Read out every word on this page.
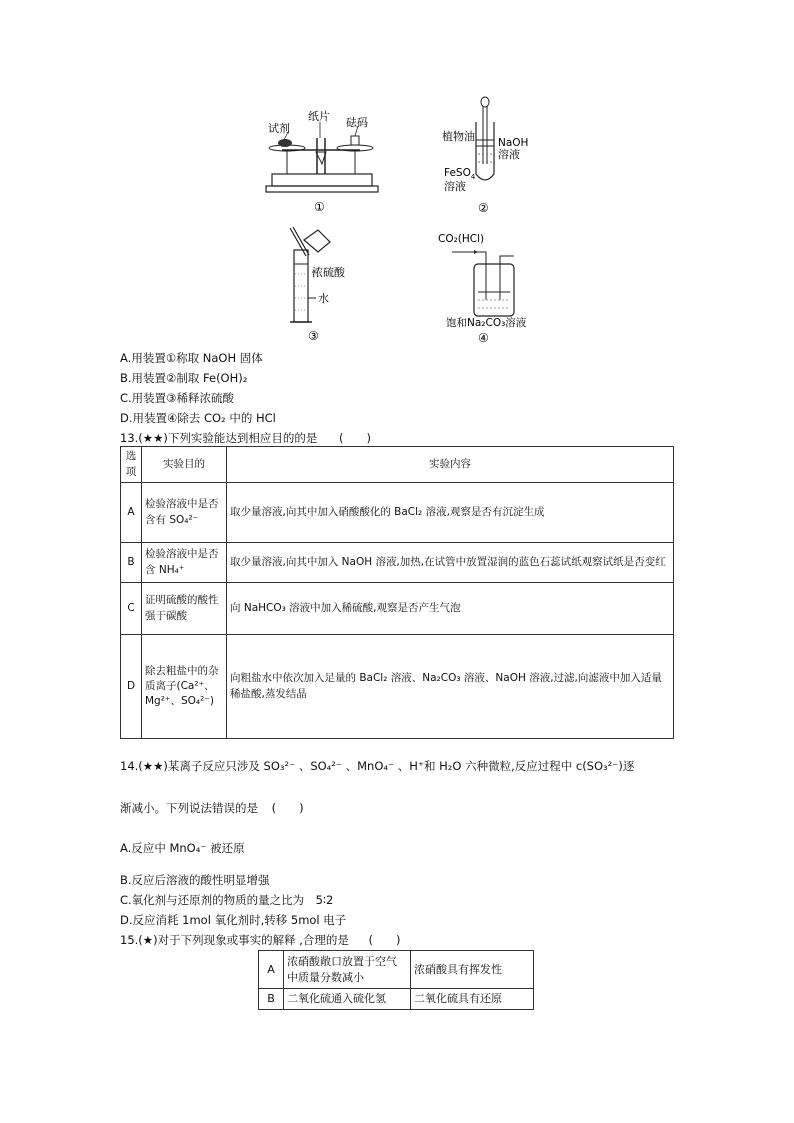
试剂
纸片 砝码
①
植物油 NaOH
溶液
FeSO$_4$
溶液
②
浓硫酸
水
③
CO₂(HCl)
饱和Na₂CO₃溶液
④
A.用装置①称取 NaOH 固体
B.用装置②制取 Fe(OH)₂
C.用装置③稀释浓硫酸
D.用装置④除去 CO₂ 中的 HCl
13.(★★)下列实验能达到相应目的的是 (　　)
选项	实验目的	实验内容
A	检验溶液中是否含有 SO₄²⁻	取少量溶液,向其中加入硝酸酸化的 BaCl₂ 溶液,观察是否有沉淀生成
B	检验溶液中是否含 NH₄⁺	取少量溶液,向其中加入 NaOH 溶液,加热,在试管中放置湿润的蓝色石蕊试纸观察试纸是否变红
C	证明硫酸的酸性强于碳酸	向 NaHCO₃ 溶液中加入稀硫酸,观察是否产生气泡
D	除去粗盐中的杂质离子(Ca²⁺、Mg²⁺、SO₄²⁻)	向粗盐水中依次加入足量的 BaCl₂ 溶液、Na₂CO₃ 溶液、NaOH 溶液,过滤,向滤液中加入适量稀盐酸,蒸发结晶
14.(★★)某离子反应只涉及 SO₃²⁻ 、SO₄²⁻ 、MnO₄⁻ 、H⁺和 H₂O 六种微粒,反应过程中 c(SO₃²⁻)逐
渐减小。下列说法错误的是 (　　)
A.反应中 MnO₄⁻ 被还原
B.反应后溶液的酸性明显增强
C.氧化剂与还原剂的物质的量之比为　5∶2
D.反应消耗 1mol 氧化剂时,转移 5mol 电子
15.(★)对于下列现象或事实的解释 ,合理的是 (　　)
A	浓硝酸敞口放置于空气中质量分数减小	浓硝酸具有挥发性
B	二氧化硫通入硫化氢	二氧化硫具有还原
